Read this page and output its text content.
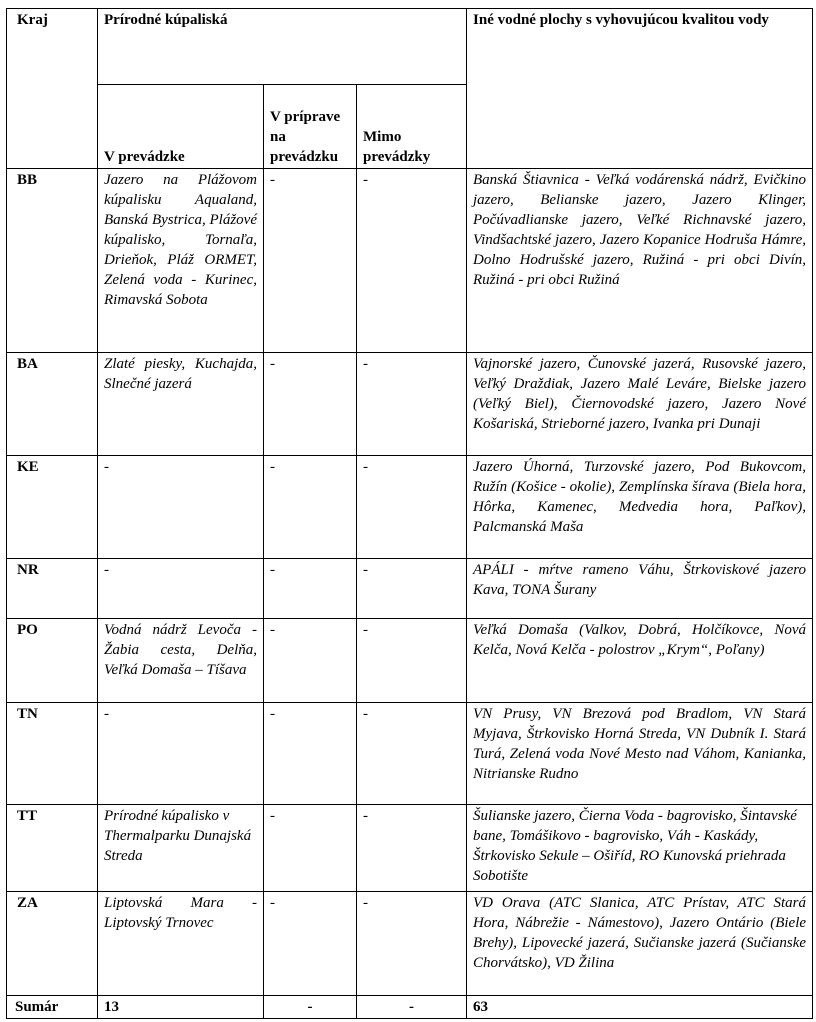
Kraj	Prírodné kúpaliská			Iné vodné plochy s vyhovujúcou kvalitou vody
	V prevádzke	V príprave na prevádzku	Mimo prevádzky	
BB	Jazero na Plážovom kúpalisku Aqualand, Banská Bystrica, Plážové kúpalisko, Tornaľa, Drieňok, Pláž ORMET, Zelená voda - Kurinec, Rimavská Sobota	-	-	Banská Štiavnica - Veľká vodárenská nádrž, Evičkino jazero, Belianske jazero, Jazero Klinger, Počúvadlianske jazero, Veľké Richnavské jazero, Vindšachtské jazero, Jazero Kopanice Hodruša Hámre, Dolno Hodrušské jazero, Ružiná - pri obci Divín, Ružiná - pri obci Ružiná
BA	Zlaté piesky, Kuchajda, Slnečné jazerá	-	-	Vajnorské jazero, Čunovské jazerá, Rusovské jazero, Veľký Draždiak, Jazero Malé Leváre, Bielske jazero (Veľký Biel), Čiernovodské jazero, Jazero Nové Košariská, Strieborné jazero, Ivanka pri Dunaji
KE	-	-	-	Jazero Úhorná, Turzovské jazero, Pod Bukovcom, Ružín (Košice - okolie), Zemplínska šírava (Biela hora, Hôrka, Kamenec, Medvedia hora, Paľkov), Palcmanská Maša
NR	-	-	-	APÁLI - mŕtve rameno Váhu, Štrkoviskové jazero Kava, TONA Šurany
PO	Vodná nádrž Levoča - Žabia cesta, Delňa, Veľká Domaša – Tíšava	-	-	Veľká Domaša (Valkov, Dobrá, Holčíkovce, Nová Kelča, Nová Kelča - polostrov „Krym“, Poľany)
TN	-	-	-	VN Prusy, VN Brezová pod Bradlom, VN Stará Myjava, Štrkovisko Horná Streda, VN Dubník I. Stará Turá, Zelená voda Nové Mesto nad Váhom, Kanianka, Nitrianske Rudno
TT	Prírodné kúpalisko v Thermalparku Dunajská Streda	-	-	Šulianske jazero, Čierna Voda - bagrovisko, Šintavské bane, Tomášikovo - bagrovisko, Váh - Kaskády, Štrkovisko Sekule – Ošiříd, RO Kunovská priehrada Sobotište
ZA	Liptovská Mara - Liptovský Trnovec	-	-	VD Orava (ATC Slanica, ATC Prístav, ATC Stará Hora, Nábrežie - Námestovo), Jazero Ontário (Biele Brehy), Lipovecké jazerá, Sučianske jazerá (Sučianske Chorvátsko), VD Žilina
Sumár	13	-	-	63
